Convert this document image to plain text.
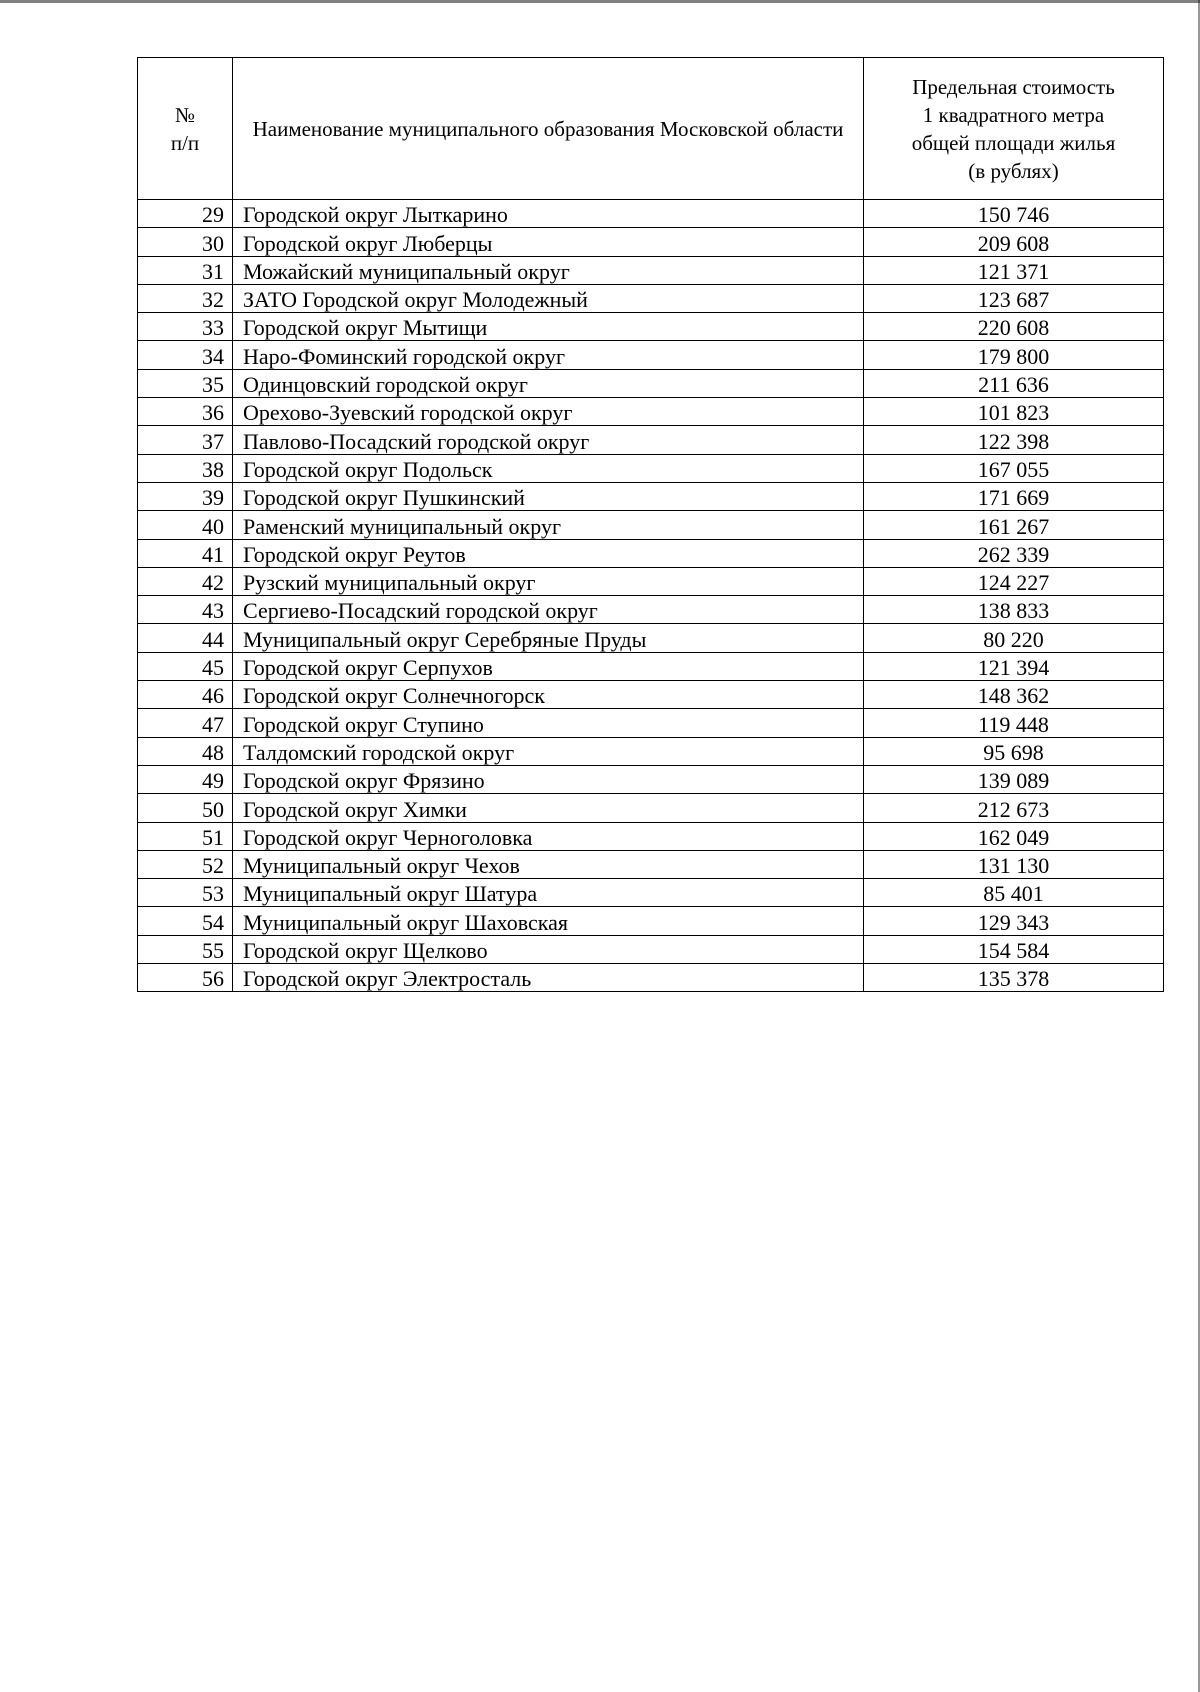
№
п/п	Наименование муниципального образования Московской области	Предельная стоимость
1 квадратного метра
общей площади жилья
(в рублях)

29	Городской округ Лыткарино	150 746
30	Городской округ Люберцы	209 608
31	Можайский муниципальный округ	121 371
32	ЗАТО Городской округ Молодежный	123 687
33	Городской округ Мытищи	220 608
34	Наро-Фоминский городской округ	179 800
35	Одинцовский городской округ	211 636
36	Орехово-Зуевский городской округ	101 823
37	Павлово-Посадский городской округ	122 398
38	Городской округ Подольск	167 055
39	Городской округ Пушкинский	171 669
40	Раменский муниципальный округ	161 267
41	Городской округ Реутов	262 339
42	Рузский муниципальный округ	124 227
43	Сергиево-Посадский городской округ	138 833
44	Муниципальный округ Серебряные Пруды	80 220
45	Городской округ Серпухов	121 394
46	Городской округ Солнечногорск	148 362
47	Городской округ Ступино	119 448
48	Талдомский городской округ	95 698
49	Городской округ Фрязино	139 089
50	Городской округ Химки	212 673
51	Городской округ Черноголовка	162 049
52	Муниципальный округ Чехов	131 130
53	Муниципальный округ Шатура	85 401
54	Муниципальный округ Шаховская	129 343
55	Городской округ Щелково	154 584
56	Городской округ Электросталь	135 378
